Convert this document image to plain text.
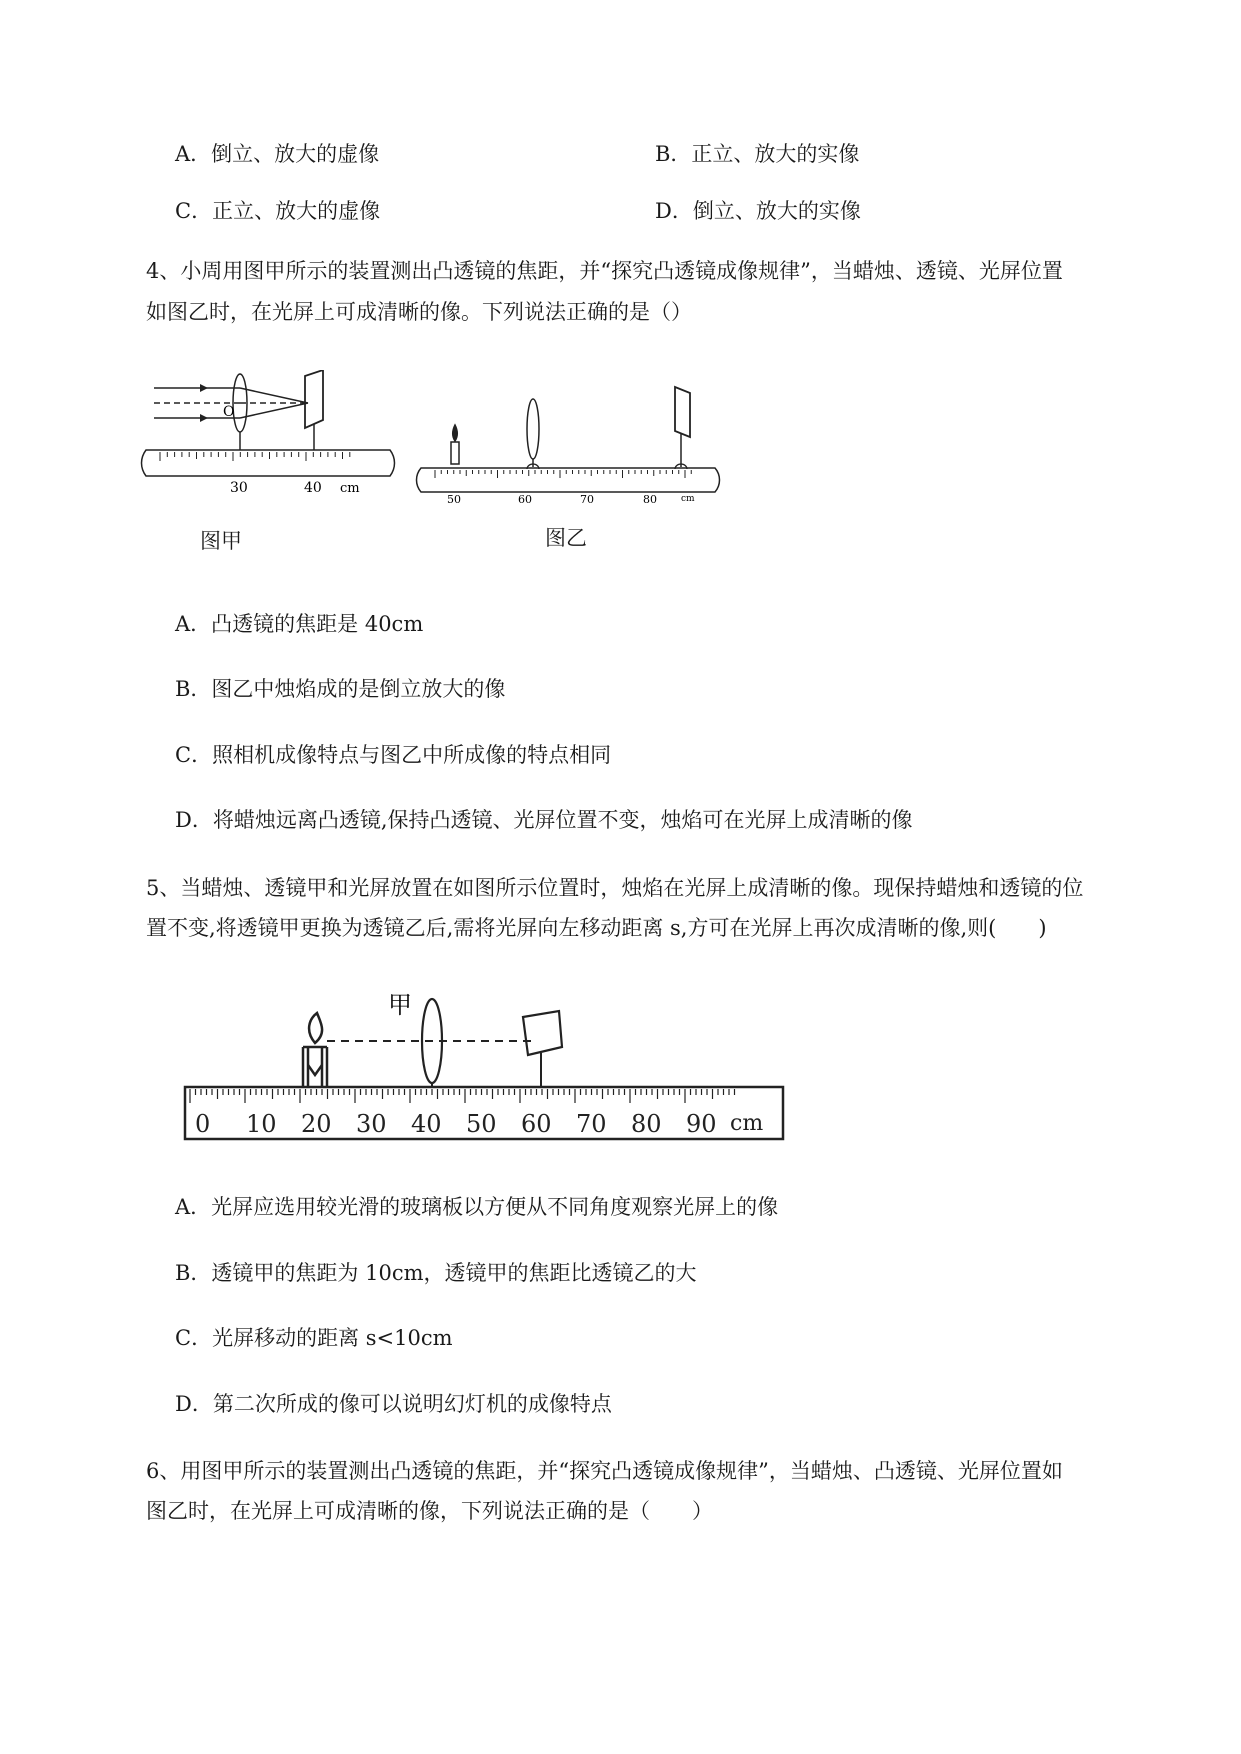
A．倒立、放大的虚像	B．正立、放大的实像
C．正立、放大的虚像	D．倒立、放大的实像
4、小周用图甲所示的装置测出凸透镜的焦距，并“探究凸透镜成像规律”，当蜡烛、透镜、光屏位置
如图乙时，在光屏上可成清晰的像。下列说法正确的是（）
O
30	40 cm
图甲
50	60	70	80	cm
图乙
A．凸透镜的焦距是 40cm
B．图乙中烛焰成的是倒立放大的像
C．照相机成像特点与图乙中所成像的特点相同
D．将蜡烛远离凸透镜,保持凸透镜、光屏位置不变，烛焰可在光屏上成清晰的像
5、当蜡烛、透镜甲和光屏放置在如图所示位置时，烛焰在光屏上成清晰的像。现保持蜡烛和透镜的位
置不变,将透镜甲更换为透镜乙后,需将光屏向左移动距离 s,方可在光屏上再次成清晰的像,则(　　)
甲
0 10 20 30 40 50 60 70 80 90 cm
A．光屏应选用较光滑的玻璃板以方便从不同角度观察光屏上的像
B．透镜甲的焦距为 10cm，透镜甲的焦距比透镜乙的大
C．光屏移动的距离 s<10cm
D．第二次所成的像可以说明幻灯机的成像特点
6、用图甲所示的装置测出凸透镜的焦距，并“探究凸透镜成像规律”，当蜡烛、凸透镜、光屏位置如
图乙时，在光屏上可成清晰的像，下列说法正确的是（　　）
